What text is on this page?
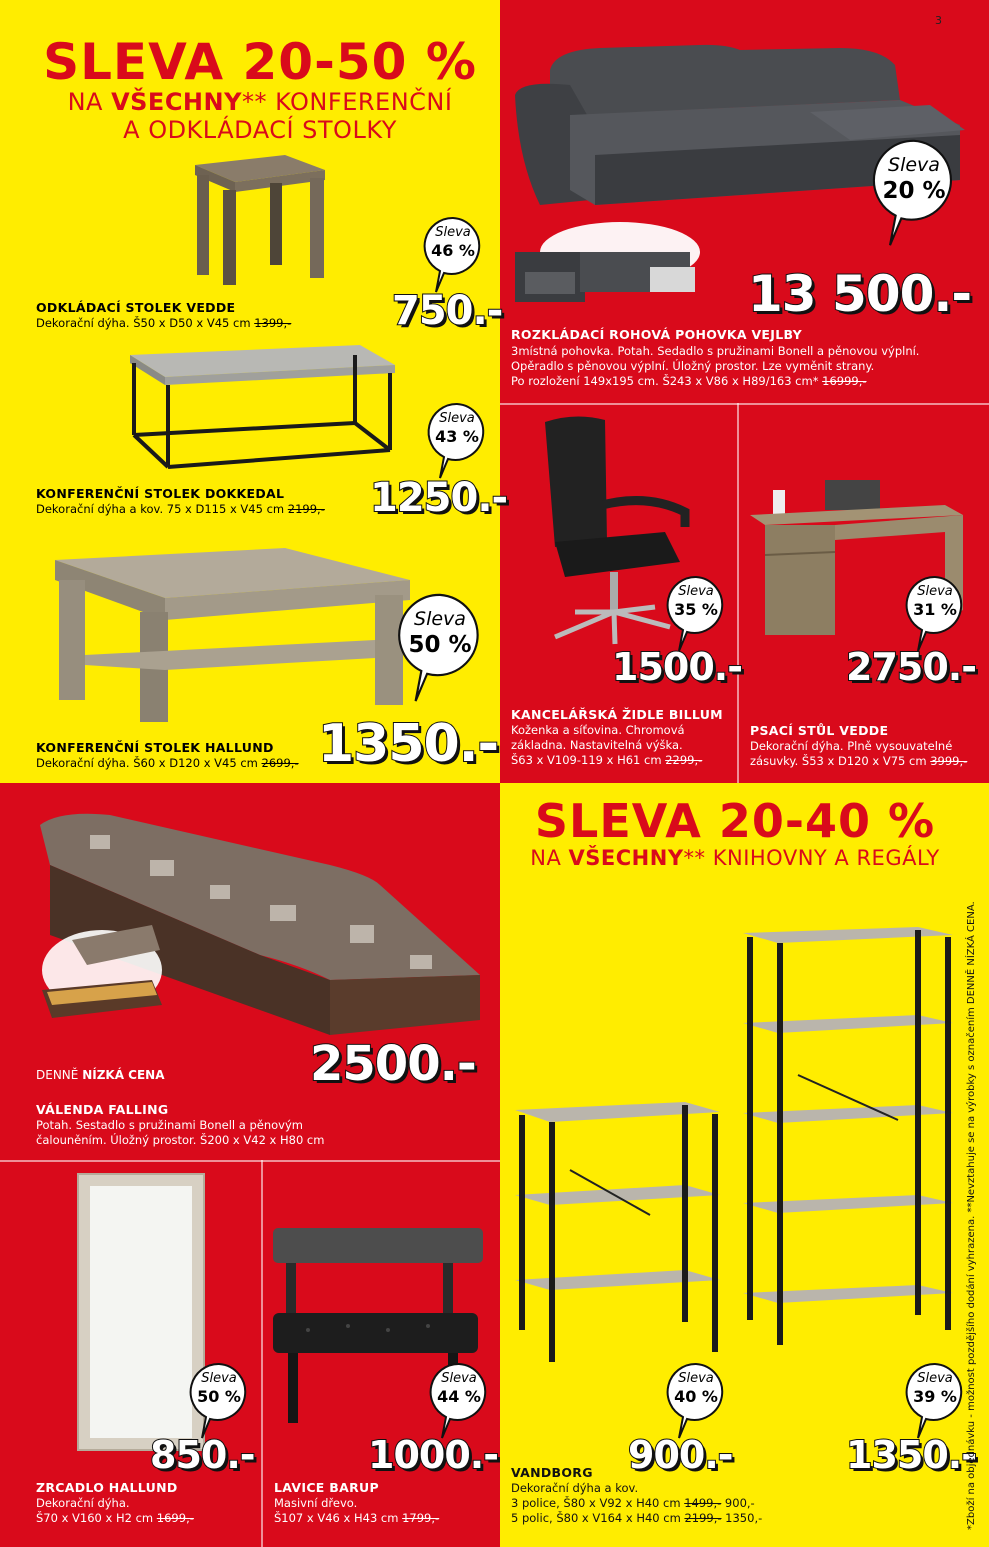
3
SLEVA 20-50 %
NA VŠECHNY** KONFERENČNÍ
A ODKLÁDACÍ STOLKY
Sleva
46 %
750.-
ODKLÁDACÍ STOLEK VEDDE
Dekorační dýha. Š50 x D50 x V45 cm 1399,-
Sleva
43 %
1250.-
KONFERENČNÍ STOLEK DOKKEDAL
Dekorační dýha a kov. 75 x D115 x V45 cm 2199,-
Sleva
50 %
1350.-
KONFERENČNÍ STOLEK HALLUND
Dekorační dýha. Š60 x D120 x V45 cm 2699,-
Sleva
20 %
13 500.-
ROZKLÁDACÍ ROHOVÁ POHOVKA VEJLBY
3místná pohovka. Potah. Sedadlo s pružinami Bonell a pěnovou výplní.
Opěradlo s pěnovou výplní. Úložný prostor. Lze vyměnit strany.
Po rozložení 149x195 cm. Š243 x V86 x H89/163 cm* 16999,-
Sleva
35 %
1500.-
KANCELÁŘSKÁ ŽIDLE BILLUM
Koženka a síťovina. Chromová
základna. Nastavitelná výška.
Š63 x V109-119 x H61 cm 2299,-
Sleva
31 %
2750.-
PSACÍ STŮL VEDDE
Dekorační dýha. Plně vysouvatelné
zásuvky. Š53 x D120 x V75 cm 3999,-
DENNĚ NÍZKÁ CENA	2500.-
VÁLENDA FALLING
Potah. Sestadlo s pružinami Bonell a pěnovým
čalouněním. Úložný prostor. Š200 x V42 x H80 cm
Sleva
50 %
850.-
ZRCADLO HALLUND
Dekorační dýha.
Š70 x V160 x H2 cm 1699,-
Sleva
44 %
1000.-
LAVICE BARUP
Masivní dřevo.
Š107 x V46 x H43 cm 1799,-
SLEVA 20-40 %
NA VŠECHNY** KNIHOVNY A REGÁLY
Sleva
40 %
900.-
Sleva
39 %
1350.-
VANDBORG
Dekorační dýha a kov.
3 police, Š80 x V92 x H40 cm 1499,- 900,-
5 polic, Š80 x V164 x H40 cm 2199,- 1350,-	*Zboží na objednávku - možnost pozdějšího dodání vyhrazena. **Nevztahuje se na výrobky s označením DENNĚ NÍZKÁ CENA.
